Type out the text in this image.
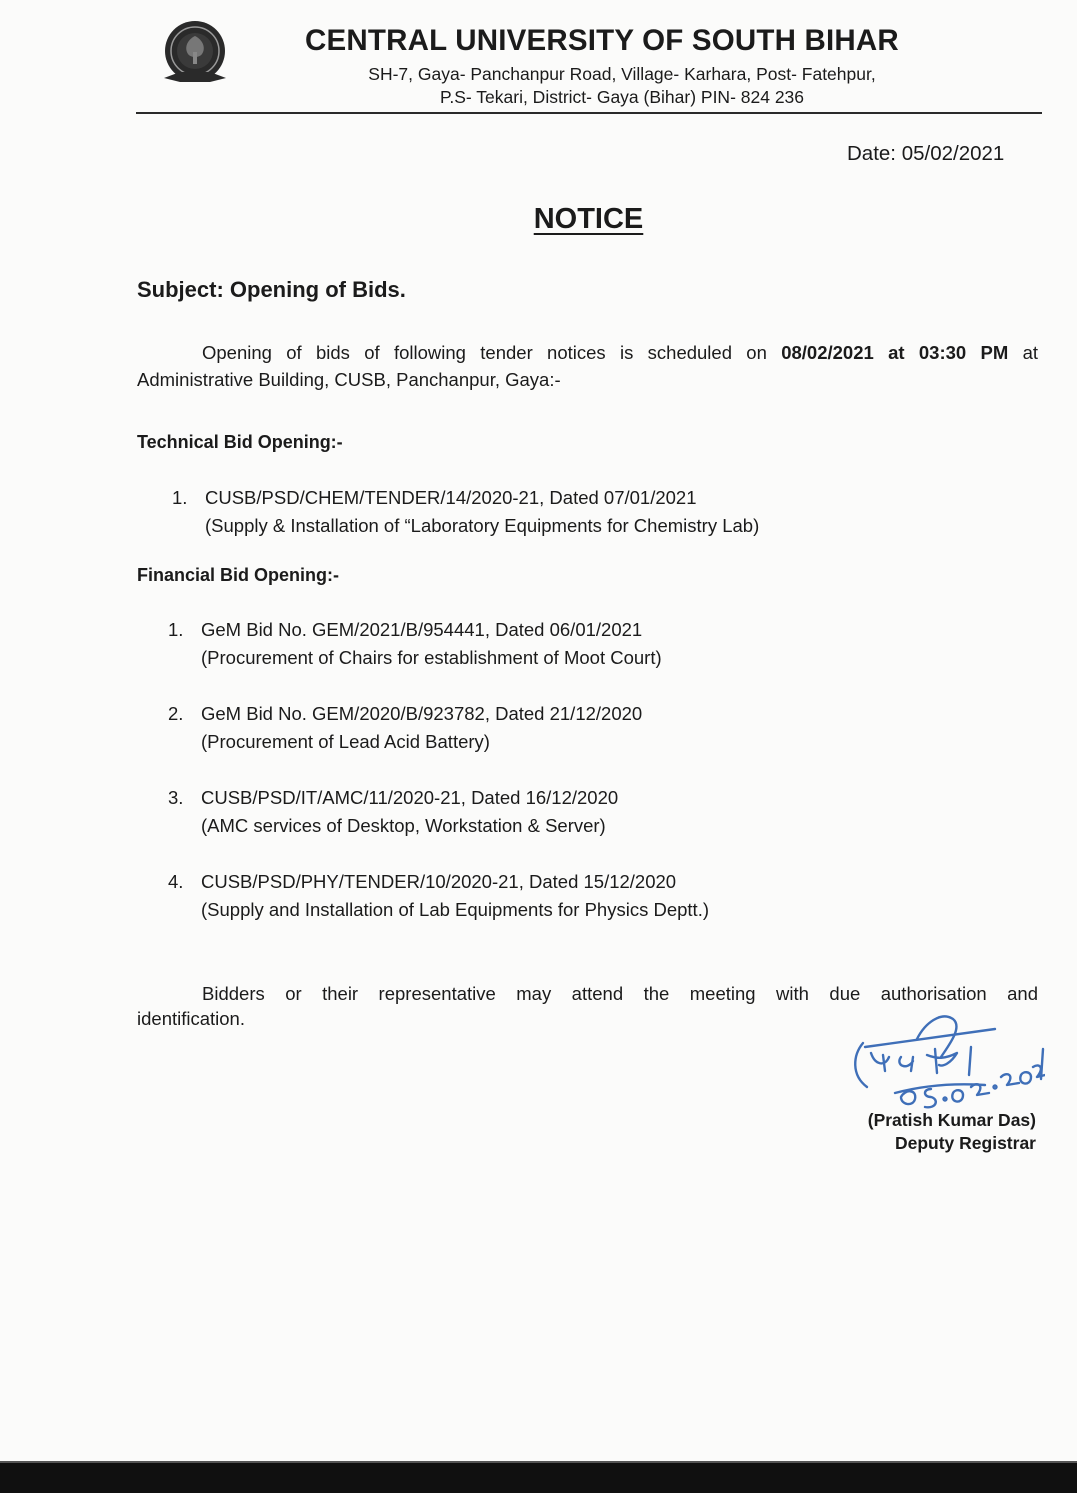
CENTRAL UNIVERSITY OF SOUTH BIHAR
SH-7, Gaya- Panchanpur Road, Village- Karhara, Post- Fatehpur,
P.S- Tekari, District- Gaya (Bihar) PIN- 824 236
Date: 05/02/2021
NOTICE
Subject: Opening of Bids.
Opening of bids of following tender notices is scheduled on 08/02/2021 at 03:30 PM at
Administrative Building, CUSB, Panchanpur, Gaya:-
Technical Bid Opening:-
1. CUSB/PSD/CHEM/TENDER/14/2020-21, Dated 07/01/2021
(Supply & Installation of “Laboratory Equipments for Chemistry Lab)
Financial Bid Opening:-
1. GeM Bid No. GEM/2021/B/954441, Dated 06/01/2021
(Procurement of Chairs for establishment of Moot Court)
2. GeM Bid No. GEM/2020/B/923782, Dated 21/12/2020
(Procurement of Lead Acid Battery)
3. CUSB/PSD/IT/AMC/11/2020-21, Dated 16/12/2020
(AMC services of Desktop, Workstation & Server)
4. CUSB/PSD/PHY/TENDER/10/2020-21, Dated 15/12/2020
(Supply and Installation of Lab Equipments for Physics Deptt.)
Bidders or their representative may attend the meeting with due authorisation and
identification.
(Pratish Kumar Das)
Deputy Registrar
